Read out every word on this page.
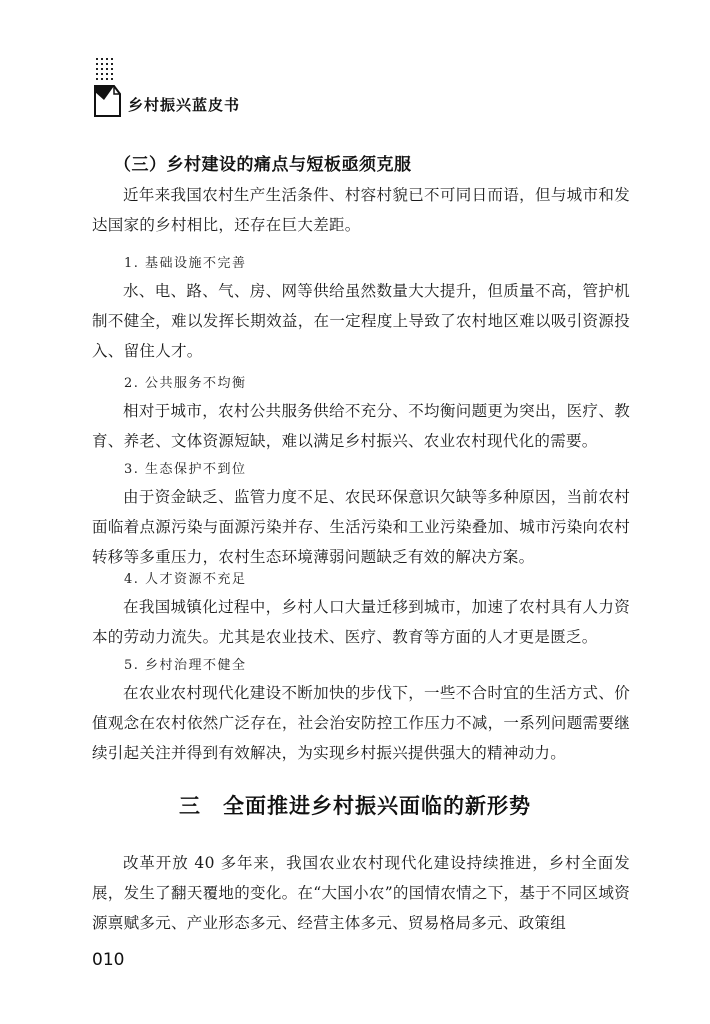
乡村振兴蓝皮书
（三）乡村建设的痛点与短板亟须克服

近年来我国农村生产生活条件、村容村貌已不可同日而语，但与城市和发达国家的乡村相比，还存在巨大差距。

1. 基础设施不完善

水、电、路、气、房、网等供给虽然数量大大提升，但质量不高，管护机制不健全，难以发挥长期效益，在一定程度上导致了农村地区难以吸引资源投入、留住人才。

2. 公共服务不均衡

相对于城市，农村公共服务供给不充分、不均衡问题更为突出，医疗、教育、养老、文体资源短缺，难以满足乡村振兴、农业农村现代化的需要。

3. 生态保护不到位

由于资金缺乏、监管力度不足、农民环保意识欠缺等多种原因，当前农村面临着点源污染与面源污染并存、生活污染和工业污染叠加、城市污染向农村转移等多重压力，农村生态环境薄弱问题缺乏有效的解决方案。

4. 人才资源不充足

在我国城镇化过程中，乡村人口大量迁移到城市，加速了农村具有人力资本的劳动力流失。尤其是农业技术、医疗、教育等方面的人才更是匮乏。

5. 乡村治理不健全

在农业农村现代化建设不断加快的步伐下，一些不合时宜的生活方式、价值观念在农村依然广泛存在，社会治安防控工作压力不减，一系列问题需要继续引起关注并得到有效解决，为实现乡村振兴提供强大的精神动力。

三　全面推进乡村振兴面临的新形势

改革开放 40 多年来，我国农业农村现代化建设持续推进，乡村全面发展，发生了翻天覆地的变化。在“大国小农”的国情农情之下，基于不同区域资源禀赋多元、产业形态多元、经营主体多元、贸易格局多元、政策组

010
